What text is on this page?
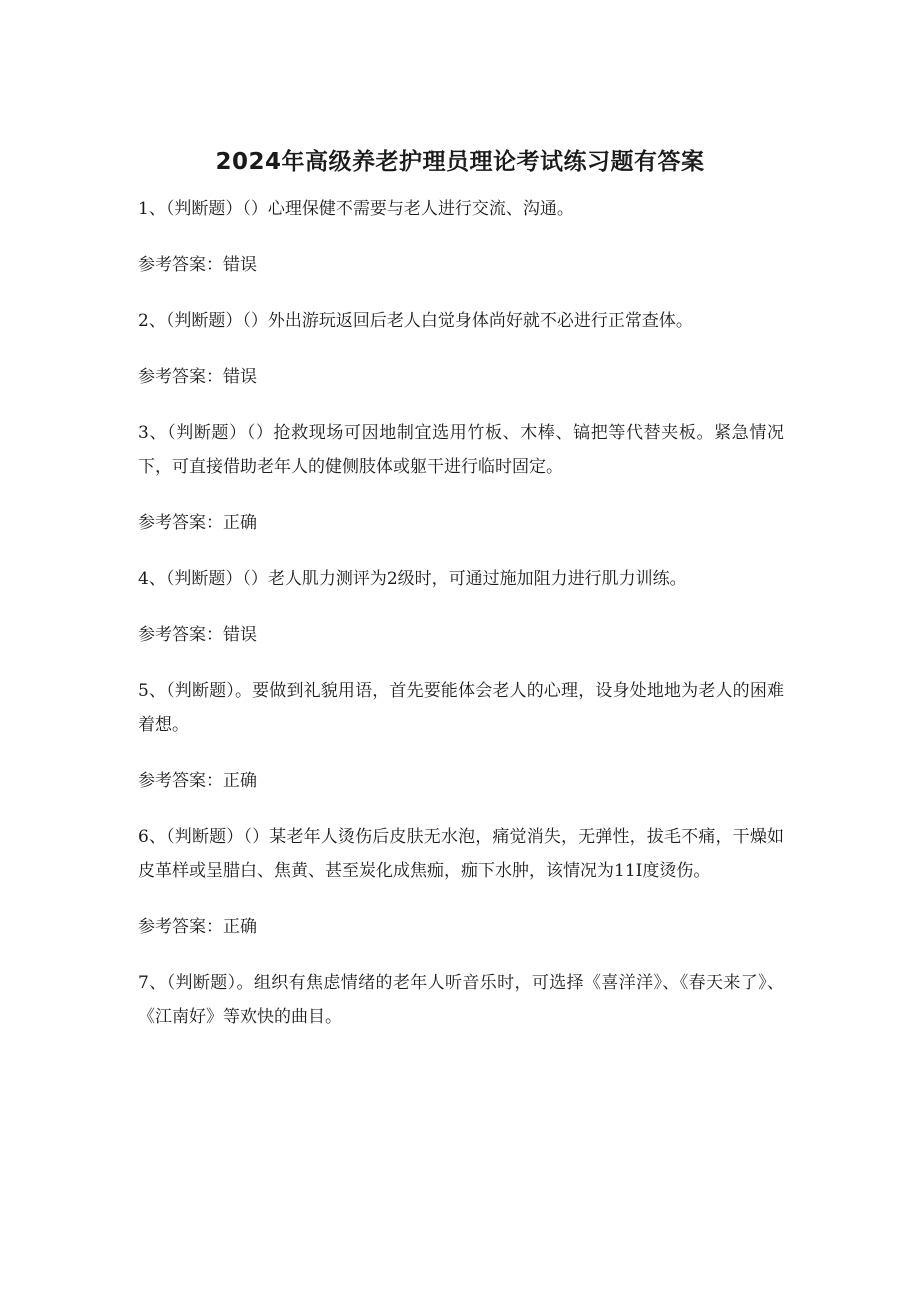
2024年高级养老护理员理论考试练习题有答案

1、（判断题）（）心理保健不需要与老人进行交流、沟通。

参考答案：错误

2、（判断题）（）外出游玩返回后老人白觉身体尚好就不必进行正常查体。

参考答案：错误

3、（判断题）（）抢救现场可因地制宜选用竹板、木棒、镐把等代替夹板。紧急情况下，可直接借助老年人的健侧肢体或躯干进行临时固定。

参考答案：正确

4、（判断题）（）老人肌力测评为2级时，可通过施加阻力进行肌力训练。

参考答案：错误

5、（判断题）。要做到礼貌用语，首先要能体会老人的心理，设身处地地为老人的困难着想。

参考答案：正确

6、（判断题）（）某老年人烫伤后皮肤无水泡，痛觉消失，无弹性，拔毛不痛，干燥如皮革样或呈腊白、焦黄、甚至炭化成焦痂，痂下水肿，该情况为11I度烫伤。

参考答案：正确

7、（判断题）。组织有焦虑情绪的老年人听音乐时，可选择《喜洋洋》、《春天来了》、《江南好》等欢快的曲目。
